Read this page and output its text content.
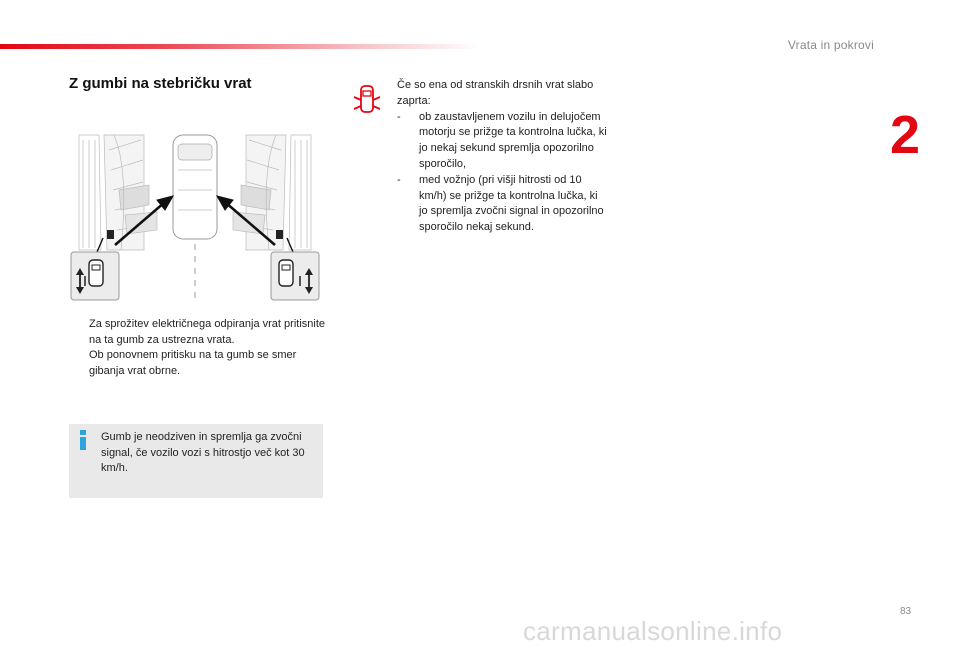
Vrata in pokrovi
2
Z gumbi na stebričku vrat
Za sprožitev električnega odpiranja vrat pritisnite na ta gumb za ustrezna vrata.
Ob ponovnem pritisku na ta gumb se smer gibanja vrat obrne.
Gumb je neodziven in spremlja ga zvočni signal, če vozilo vozi s hitrostjo več kot 30 km/h.

Če so ena od stranskih drsnih vrat slabo zaprta:

- ob zaustavljenem vozilu in delujočem motorju se prižge ta kontrolna lučka, ki jo nekaj sekund spremlja opozorilno sporočilo,
- med vožnjo (pri višji hitrosti od 10 km/h) se prižge ta kontrolna lučka, ki jo spremlja zvočni signal in opozorilno sporočilo nekaj sekund.
83
carmanualsonline.info
